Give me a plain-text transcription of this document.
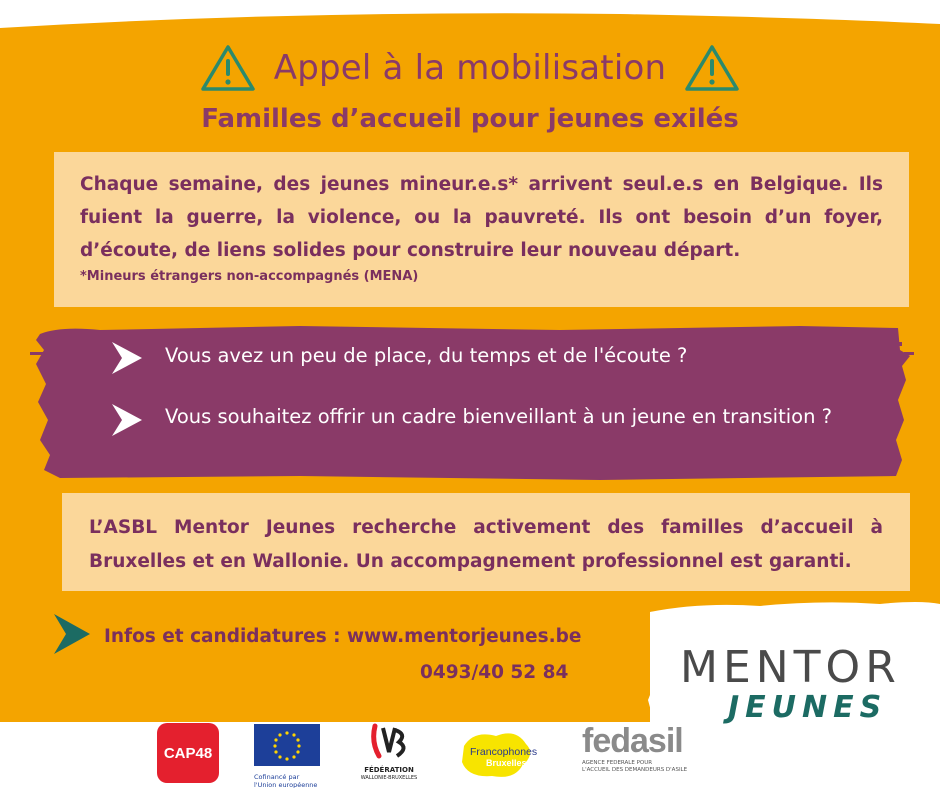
Appel à la mobilisation
Familles d’accueil pour jeunes exilés
Chaque semaine, des jeunes mineur.e.s* arrivent seul.e.s en Belgique. Ils fuient la guerre, la violence, ou la pauvreté. Ils ont besoin d’un foyer, d’écoute, de liens solides pour construire leur nouveau départ.
*Mineurs étrangers non-accompagnés (MENA)
Vous avez un peu de place, du temps et de l'écoute ?
Vous souhaitez offrir un cadre bienveillant à un jeune en transition ?
L’ASBL Mentor Jeunes recherche activement des familles d’accueil à Bruxelles et en Wallonie. Un accompagnement professionnel est garanti.
Infos et candidatures : www.mentorjeunes.be
0493/40 52 84	MENTOR
JEUNES
CAP48
Cofinancé par
l'Union européenne
FÉDÉRATION
WALLONIE-BRUXELLES
Francophones
Bruxelles
fedasil
AGENCE FEDERALE POUR
L'ACCUEIL DES DEMANDEURS D'ASILE
